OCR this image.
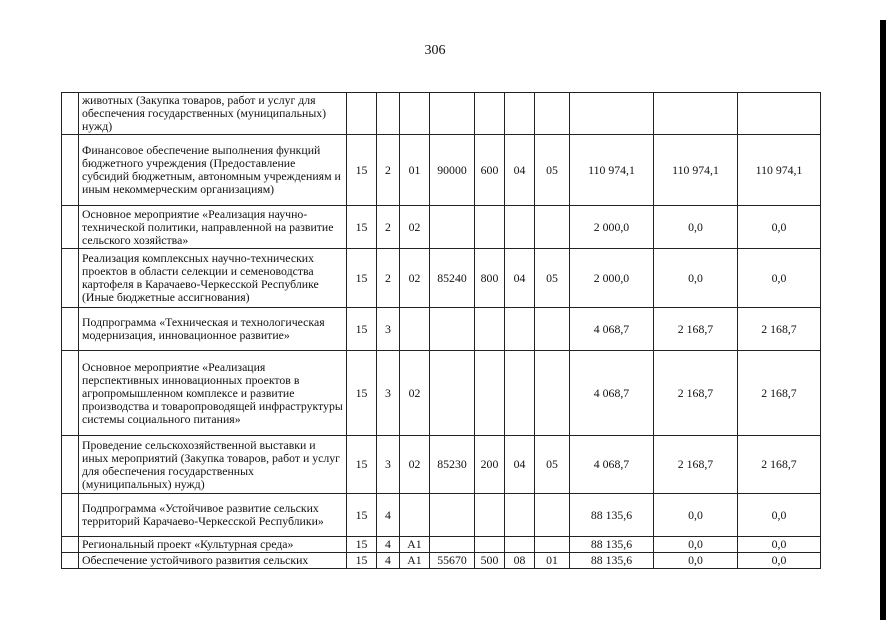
306
	животных (Закупка товаров, работ и услуг для обеспечения государственных (муниципальных) нужд)										
	Финансовое обеспечение выполнения функций бюджетного учреждения (Предоставление субсидий бюджетным, автономным учреждениям и иным некоммерческим организациям)	15	2	01	90000	600	04	05	110 974,1	110 974,1	110 974,1
	Основное мероприятие «Реализация научно-технической политики, направленной на развитие сельского хозяйства»	15	2	02					2 000,0	0,0	0,0
	Реализация комплексных научно-технических проектов в области селекции и семеноводства картофеля в Карачаево-Черкесской Республике (Иные бюджетные ассигнования)	15	2	02	85240	800	04	05	2 000,0	0,0	0,0
	Подпрограмма «Техническая и технологическая модернизация, инновационное развитие»	15	3						4 068,7	2 168,7	2 168,7
	Основное мероприятие «Реализация перспективных инновационных проектов в агропромышленном комплексе и развитие производства и товаропроводящей инфраструктуры системы социального питания»	15	3	02					4 068,7	2 168,7	2 168,7
	Проведение сельскохозяйственной выставки и иных мероприятий (Закупка товаров, работ и услуг для обеспечения государственных (муниципальных) нужд)	15	3	02	85230	200	04	05	4 068,7	2 168,7	2 168,7
	Подпрограмма «Устойчивое развитие сельских территорий Карачаево-Черкесской Республики»	15	4						88 135,6	0,0	0,0
	Региональный проект «Культурная среда»	15	4	А1					88 135,6	0,0	0,0
	Обеспечение устойчивого развития сельских	15	4	А1	55670	500	08	01	88 135,6	0,0	0,0
